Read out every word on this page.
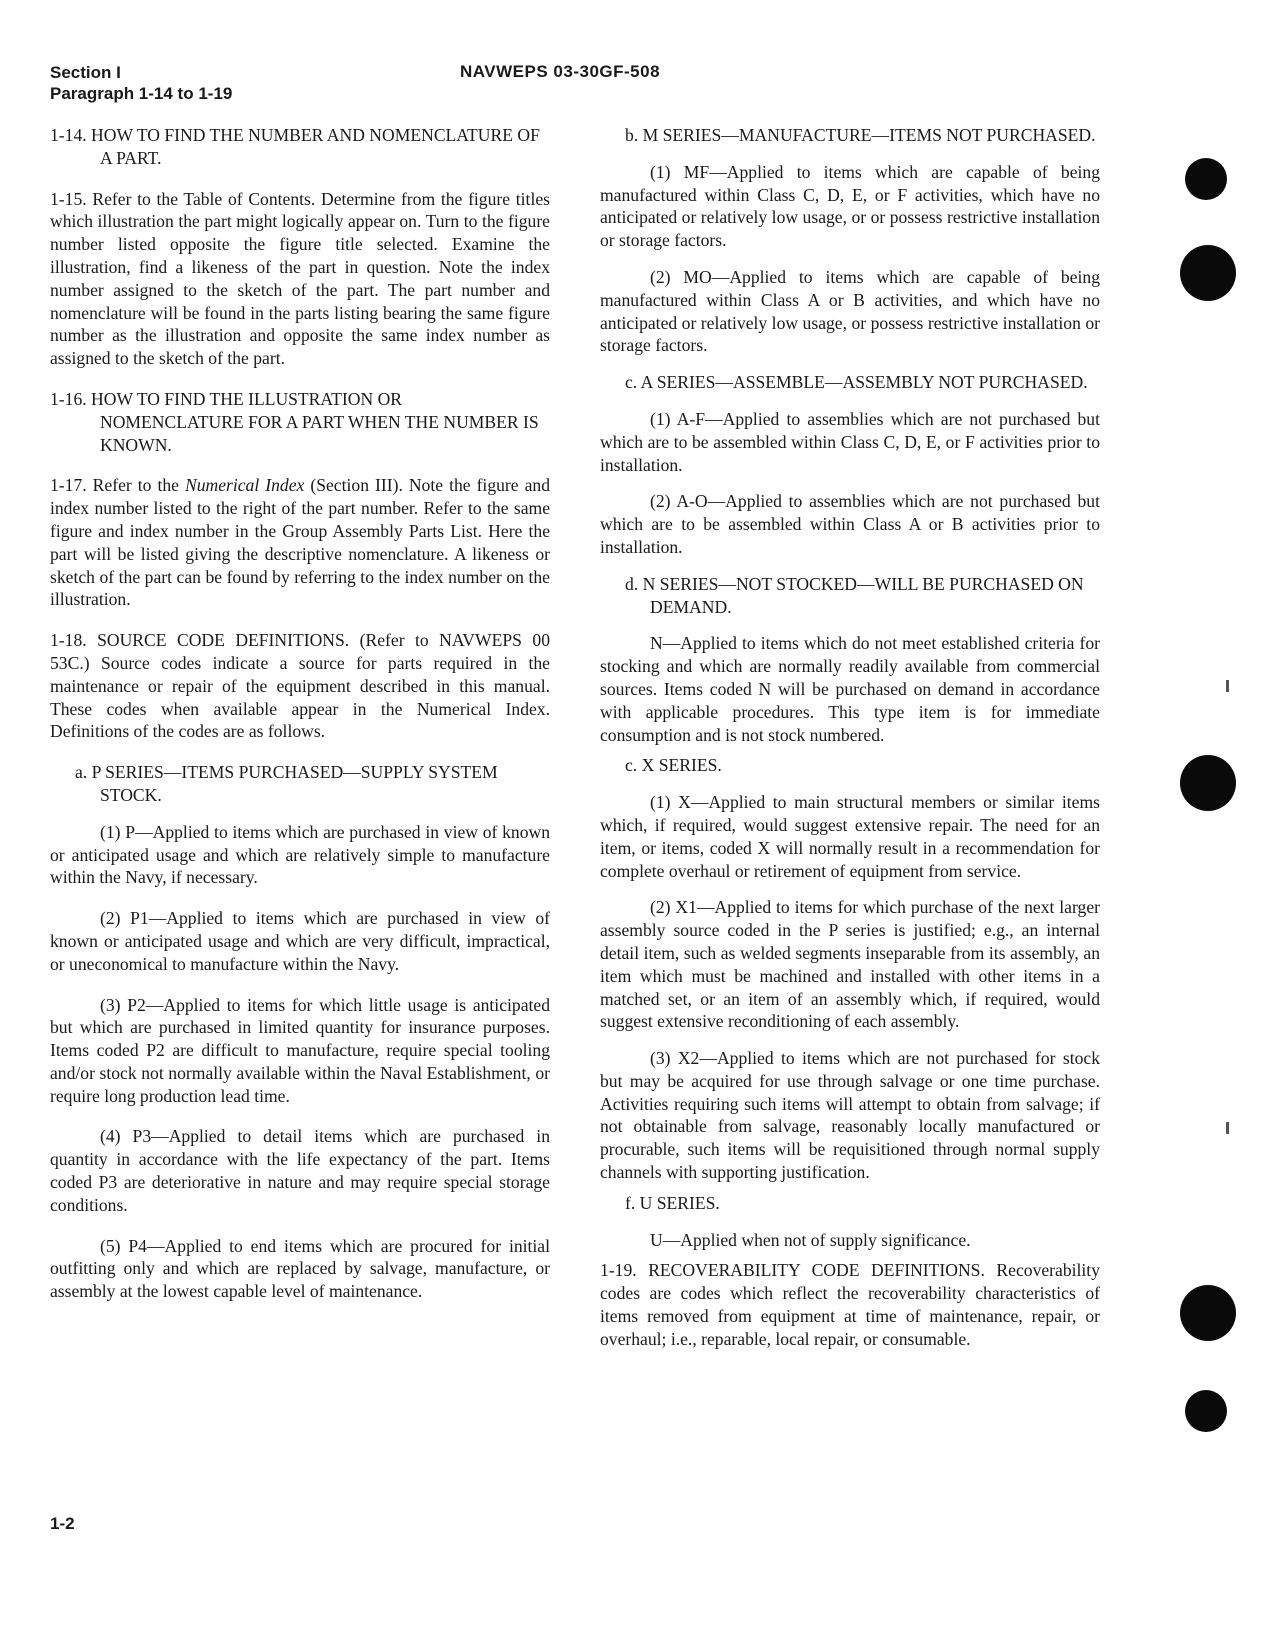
Section I
Paragraph 1-14 to 1-19
NAVWEPS 03-30GF-508

1-14. HOW TO FIND THE NUMBER AND NOMENCLATURE OF A PART.

1-15. Refer to the Table of Contents. Determine from the figure titles which illustration the part might logically appear on. Turn to the figure number listed opposite the figure title selected. Examine the illustration, find a likeness of the part in question. Note the index number assigned to the sketch of the part. The part number and nomenclature will be found in the parts listing bearing the same figure number as the illustration and opposite the same index number as assigned to the sketch of the part.

1-16. HOW TO FIND THE ILLUSTRATION OR NOMENCLATURE FOR A PART WHEN THE NUMBER IS KNOWN.

1-17. Refer to the Numerical Index (Section III). Note the figure and index number listed to the right of the part number. Refer to the same figure and index number in the Group Assembly Parts List. Here the part will be listed giving the descriptive nomenclature. A likeness or sketch of the part can be found by referring to the index number on the illustration.

1-18. SOURCE CODE DEFINITIONS. (Refer to NAVWEPS 00 53C.) Source codes indicate a source for parts required in the maintenance or repair of the equipment described in this manual. These codes when available appear in the Numerical Index. Definitions of the codes are as follows.

a. P SERIES—ITEMS PURCHASED—SUPPLY SYSTEM STOCK.

(1) P—Applied to items which are purchased in view of known or anticipated usage and which are relatively simple to manufacture within the Navy, if necessary.

(2) P1—Applied to items which are purchased in view of known or anticipated usage and which are very difficult, impractical, or uneconomical to manufacture within the Navy.

(3) P2—Applied to items for which little usage is anticipated but which are purchased in limited quantity for insurance purposes. Items coded P2 are difficult to manufacture, require special tooling and/or stock not normally available within the Naval Establishment, or require long production lead time.

(4) P3—Applied to detail items which are purchased in quantity in accordance with the life expectancy of the part. Items coded P3 are deteriorative in nature and may require special storage conditions.

(5) P4—Applied to end items which are procured for initial outfitting only and which are replaced by salvage, manufacture, or assembly at the lowest capable level of maintenance.

b. M SERIES—MANUFACTURE—ITEMS NOT PURCHASED.

(1) MF—Applied to items which are capable of being manufactured within Class C, D, E, or F activities, which have no anticipated or relatively low usage, or or possess restrictive installation or storage factors.

(2) MO—Applied to items which are capable of being manufactured within Class A or B activities, and which have no anticipated or relatively low usage, or possess restrictive installation or storage factors.

c. A SERIES—ASSEMBLE—ASSEMBLY NOT PURCHASED.

(1) A-F—Applied to assemblies which are not purchased but which are to be assembled within Class C, D, E, or F activities prior to installation.

(2) A-O—Applied to assemblies which are not purchased but which are to be assembled within Class A or B activities prior to installation.

d. N SERIES—NOT STOCKED—WILL BE PURCHASED ON DEMAND.

N—Applied to items which do not meet established criteria for stocking and which are normally readily available from commercial sources. Items coded N will be purchased on demand in accordance with applicable procedures. This type item is for immediate consumption and is not stock numbered.

c. X SERIES.

(1) X—Applied to main structural members or similar items which, if required, would suggest extensive repair. The need for an item, or items, coded X will normally result in a recommendation for complete overhaul or retirement of equipment from service.

(2) X1—Applied to items for which purchase of the next larger assembly source coded in the P series is justified; e.g., an internal detail item, such as welded segments inseparable from its assembly, an item which must be machined and installed with other items in a matched set, or an item of an assembly which, if required, would suggest extensive reconditioning of each assembly.

(3) X2—Applied to items which are not purchased for stock but may be acquired for use through salvage or one time purchase. Activities requiring such items will attempt to obtain from salvage; if not obtainable from salvage, reasonably locally manufactured or procurable, such items will be requisitioned through normal supply channels with supporting justification.

f. U SERIES.

U—Applied when not of supply significance.

1-19. RECOVERABILITY CODE DEFINITIONS. Recoverability codes are codes which reflect the recoverability characteristics of items removed from equipment at time of maintenance, repair, or overhaul; i.e., reparable, local repair, or consumable.

1-2
